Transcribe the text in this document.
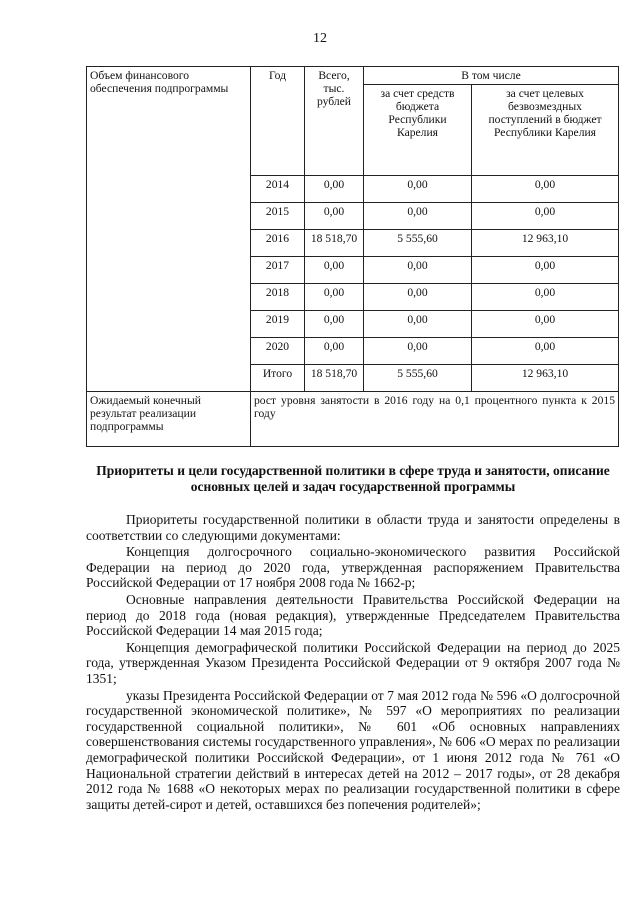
12
Объем финансового обеспечения подпрограммы	Год	Всего, тыс. рублей	В том числе	
			за счет средств бюджета Республики Карелия	за счет целевых безвозмездных поступлений в бюджет Республики Карелия
	2014	0,00	0,00	0,00
	2015	0,00	0,00	0,00
	2016	18 518,70	5 555,60	12 963,10
	2017	0,00	0,00	0,00
	2018	0,00	0,00	0,00
	2019	0,00	0,00	0,00
	2020	0,00	0,00	0,00
	Итого	18 518,70	5 555,60	12 963,10
Ожидаемый конечный результат реализации подпрограммы	рост уровня занятости в 2016 году на 0,1 процентного пункта к 2015 году			
Приоритеты и цели государственной политики в сфере труда и занятости, описание основных целей и задач государственной программы

Приоритеты государственной политики в области труда и занятости определены в соответствии со следующими документами:

Концепция долгосрочного социально-экономического развития Российской Федерации на период до 2020 года, утвержденная распоряжением Правительства Российской Федерации от 17 ноября 2008 года № 1662-р;

Основные направления деятельности Правительства Российской Федерации на период до 2018 года (новая редакция), утвержденные Председателем Правительства Российской Федерации 14 мая 2015 года;

Концепция демографической политики Российской Федерации на период до 2025 года, утвержденная Указом Президента Российской Федерации от 9 октября 2007 года № 1351;

указы Президента Российской Федерации от 7 мая 2012 года № 596 «О долгосрочной государственной экономической политике», № 597 «О мероприятиях по реализации государственной социальной политики», № 601 «Об основных направлениях совершенствования системы государственного управления», № 606 «О мерах по реализации демографической политики Российской Федерации», от 1 июня 2012 года № 761 «О Национальной стратегии действий в интересах детей на 2012 – 2017 годы», от 28 декабря 2012 года № 1688 «О некоторых мерах по реализации государственной политики в сфере защиты детей-сирот и детей, оставшихся без попечения родителей»;
